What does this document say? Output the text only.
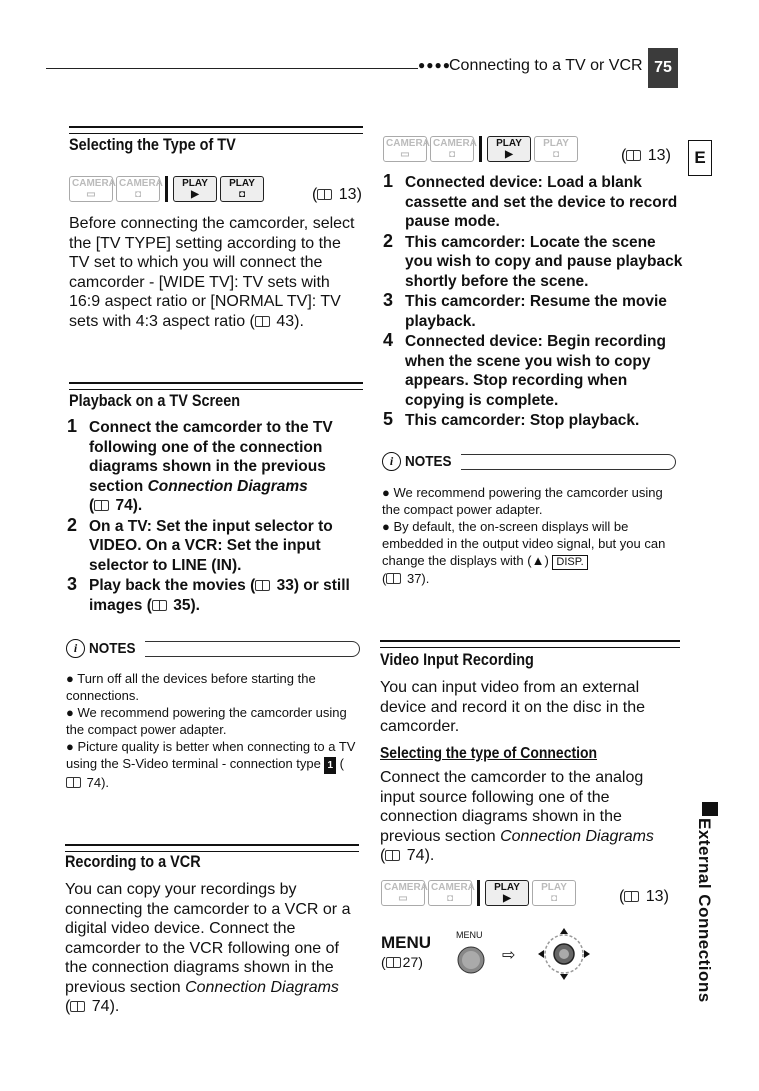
●●●●
Connecting to a TV or VCR 75
E
Selecting the Type of TV
CAMERA
▭
CAMERA
◘
PLAY
▶
PLAY
◘	( 13)
Before connecting the camcorder, select the [TV TYPE] setting according to the TV set to which you will connect the camcorder - [WIDE TV]: TV sets with 16:9 aspect ratio or [NORMAL TV]: TV sets with 4:3 aspect ratio ( 43).
Playback on a TV Screen
1 Connect the camcorder to the TV following one of the connection diagrams shown in the previous section Connection Diagrams
( 74).
2 On a TV: Set the input selector to VIDEO. On a VCR: Set the input selector to LINE (IN).
3 Play back the movies ( 33) or still images ( 35).
i NOTES
● Turn off all the devices before starting the connections.
● We recommend powering the camcorder using the compact power adapter.
● Picture quality is better when connecting to a TV using the S-Video terminal - connection type 1 ( 74).
Recording to a VCR
You can copy your recordings by connecting the camcorder to a VCR or a digital video device. Connect the camcorder to the VCR following one of the connection diagrams shown in the previous section Connection Diagrams
( 74).
CAMERA
▭
CAMERA
◘
PLAY
▶
PLAY
◘	( 13)
1 Connected device: Load a blank cassette and set the device to record pause mode.
2 This camcorder: Locate the scene you wish to copy and pause playback shortly before the scene.
3 This camcorder: Resume the movie playback.
4 Connected device: Begin recording when the scene you wish to copy appears. Stop recording when copying is complete.
5 This camcorder: Stop playback.
i NOTES
● We recommend powering the camcorder using the compact power adapter.
● By default, the on-screen displays will be embedded in the output video signal, but you can change the displays with (▲) DISP.
( 37).
Video Input Recording
You can input video from an external device and record it on the disc in the camcorder.
Selecting the type of Connection
Connect the camcorder to the analog input source following one of the connection diagrams shown in the previous section Connection Diagrams
( 74).
CAMERA
▭
CAMERA
◘
PLAY
▶
PLAY
◘	( 13)
MENU
( 27)
MENU
⇨	External Connections
